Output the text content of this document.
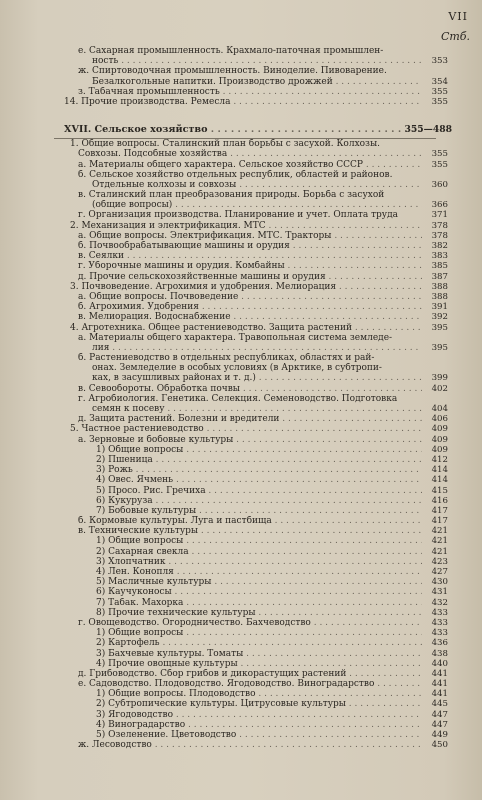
VII
Стб.
е. Сахарная промышленность. Крахмало-паточная промышлен-
ность . . .	353
ж. Спиртоводочная промышленность. Виноделие. Пивоварение.
Безалкогольные напитки. Производство дрожжей . . .	354
з. Табачная промышленность . . .	355
14. Прочие производства. Ремесла . . .	355
XVII. Сельское хозяйство . . .	355—488
1. Общие вопросы. Сталинский план борьбы с засухой. Колхозы.
Совхозы. Подсобные хозяйства . . .	355
а. Материалы общего характера. Сельское хозяйство СССР . . .	355
б. Сельское хозяйство отдельных республик, областей и районов.
Отдельные колхозы и совхозы . . .	360
в. Сталинский план преобразования природы. Борьба с засухой
(общие вопросы) . . .	366
г. Организация производства. Планирование и учет. Оплата труда	371
2. Механизация и электрификация. МТС . . .	378
а. Общие вопросы. Электрификация. МТС. Тракторы . . .	378
б. Почвообрабатывающие машины и орудия . . .	382
в. Сеялки . . .	383
г. Уборочные машины и орудия. Комбайны . . .	385
д. Прочие сельскохозяйственные машины и орудия . . .	387
3. Почвоведение. Агрохимия и удобрения. Мелиорация . . .	388
а. Общие вопросы. Почвоведение . . .	388
б. Агрохимия. Удобрения . . .	391
в. Мелиорация. Водоснабжение . . .	392
4. Агротехника. Общее растениеводство. Защита растений . . .	395
а. Материалы общего характера. Травопольная система земледе-
лия . . .	395
б. Растениеводство в отдельных республиках, областях и рай-
онах. Земледелие в особых условиях (в Арктике, в субтропи-
ках, в засушливых районах и т. д.) . . .	399
в. Севообороты. Обработка почвы . . .	402
г. Агробиология. Генетика. Селекция. Семеноводство. Подготовка
семян к посеву . . .	404
д. Защита растений. Болезни и вредители . . .	406
5. Частное растениеводство . . .	409
а. Зерновые и бобовые культуры . . .	409
1) Общие вопросы . . .	409
2) Пшеница . . .	412
3) Рожь . . .	414
4) Овес. Ячмень . . .	414
5) Просо. Рис. Гречиха . . .	415
6) Кукуруза . . .	416
7) Бобовые культуры . . .	417
б. Кормовые культуры. Луга и пастбища . . .	417
в. Технические культуры . . .	421
1) Общие вопросы . . .	421
2) Сахарная свекла . . .	421
3) Хлопчатник . . .	423
4) Лен. Конопля . . .	427
5) Масличные культуры . . .	430
6) Каучуконосы . . .	431
7) Табак. Махорка . . .	432
8) Прочие технические культуры . . .	433
г. Овощеводство. Огородничество. Бахчеводство . . .	433
1) Общие вопросы . . .	433
2) Картофель . . .	436
3) Бахчевые культуры. Томаты . . .	438
4) Прочие овощные культуры . . .	440
д. Грибоводство. Сбор грибов и дикорастущих растений . . .	441
е. Садоводство. Плодоводство. Ягодоводство. Виноградарство . . .	441
1) Общие вопросы. Плодоводство . . .	441
2) Субтропические культуры. Цитрусовые культуры . . .	445
3) Ягодоводство . . .	447
4) Виноградарство . . .	447
5) Озеленение. Цветоводство . . .	449
ж. Лесоводство . . .	450
